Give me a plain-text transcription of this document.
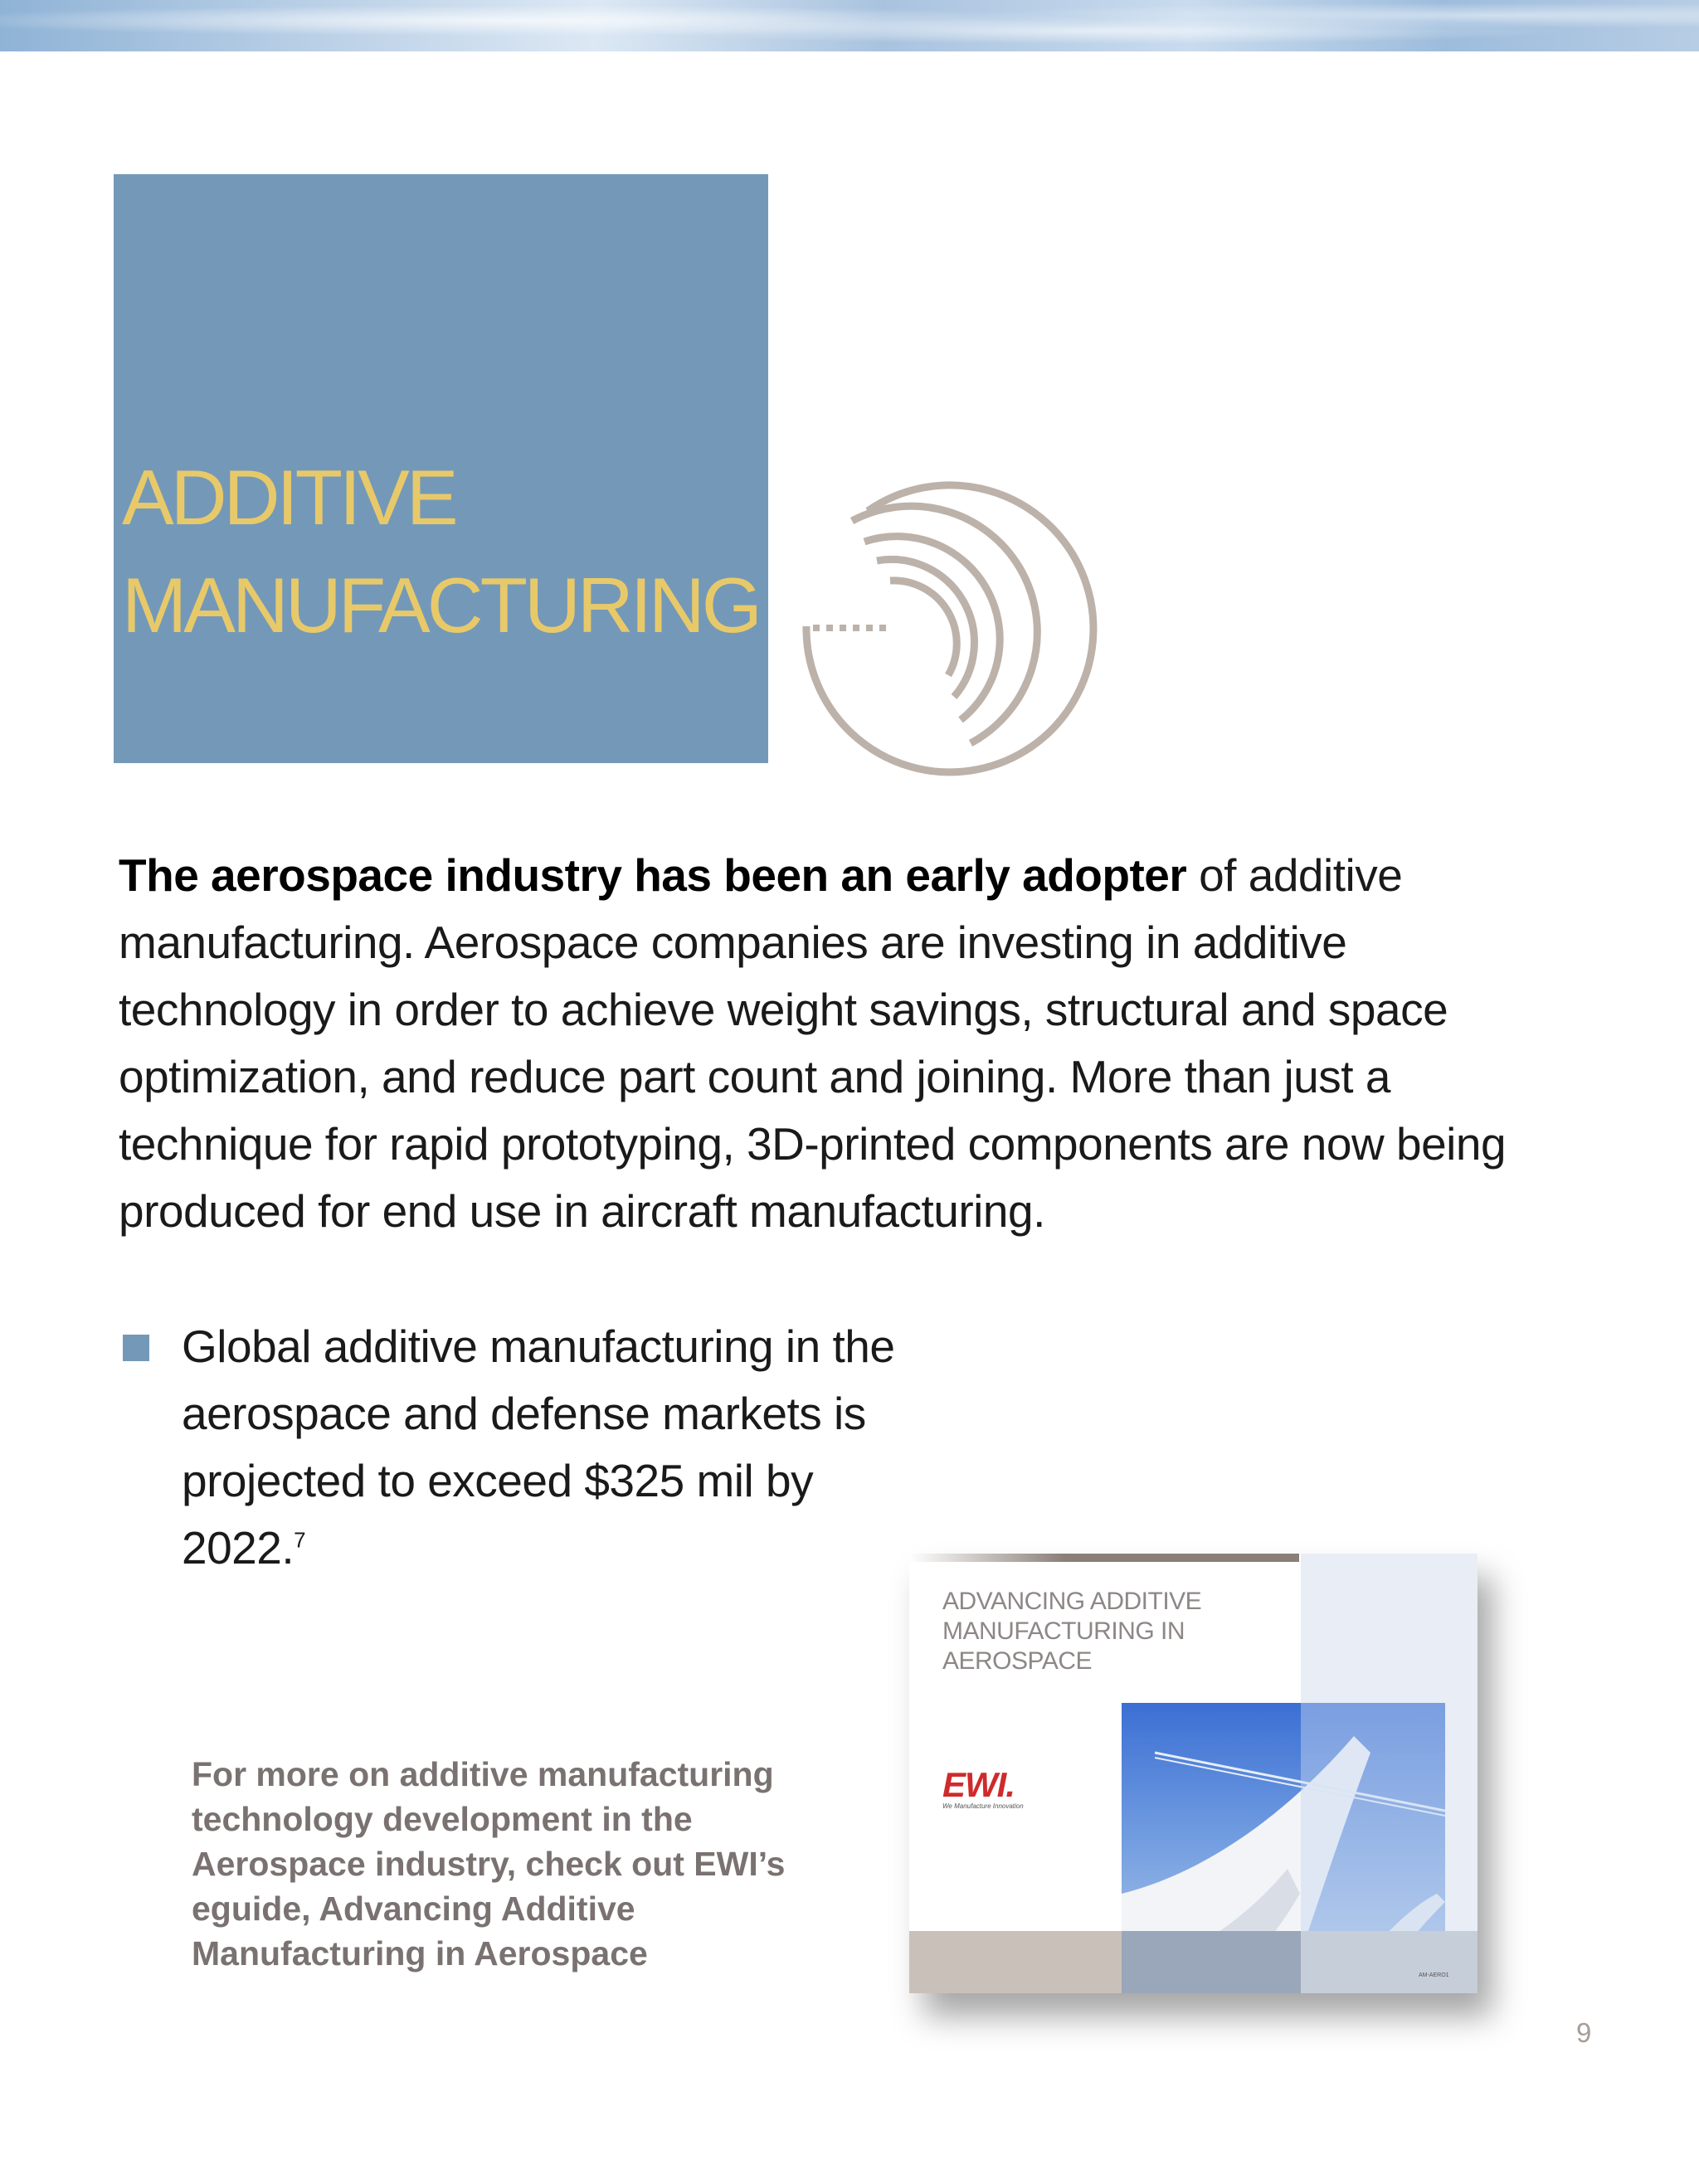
ADDITIVE
MANUFACTURING
The aerospace industry has been an early adopter of additive manufacturing. Aerospace companies are investing in additive technology in order to achieve weight savings, structural and space optimization, and reduce part count and joining. More than just a technique for rapid prototyping, 3D-printed components are now being produced for end use in aircraft manufacturing.
Global additive manufacturing in the aerospace and defense markets is projected to exceed $325 mil by 2022.$^7$
For more on additive manufacturing technology development in the Aerospace industry, check out EWI’s eguide, Advancing Additive Manufacturing in Aerospace
ADVANCING ADDITIVE MANUFACTURING IN AEROSPACE
EWI.
We Manufacture Innovation
AM-AERO1
9
